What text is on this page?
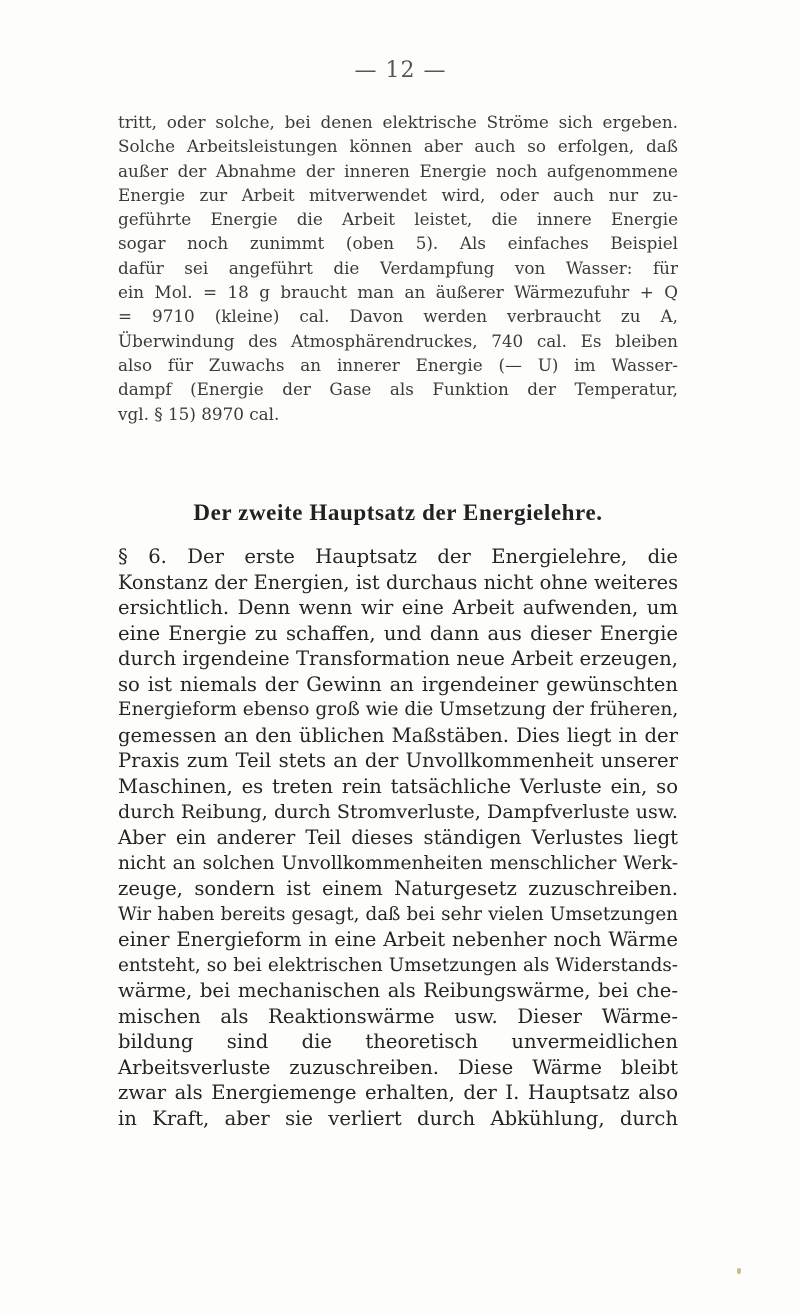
— 12 —
tritt, oder solche, bei denen elektrische Ströme sich ergeben.
Solche Arbeitsleistungen können aber auch so erfolgen, daß
außer der Abnahme der inneren Energie noch aufgenommene
Energie zur Arbeit mitverwendet wird, oder auch nur zu-
geführte Energie die Arbeit leistet, die innere Energie
sogar noch zunimmt (oben 5). Als einfaches Beispiel
dafür sei angeführt die Verdampfung von Wasser: für
ein Mol. = 18 g braucht man an äußerer Wärmezufuhr + Q
= 9710 (kleine) cal. Davon werden verbraucht zu A,
Überwindung des Atmosphärendruckes, 740 cal. Es bleiben
also für Zuwachs an innerer Energie (— U) im Wasser-
dampf (Energie der Gase als Funktion der Temperatur,
vgl. § 15) 8970 cal.
Der zweite Hauptsatz der Energielehre.
§ 6. Der erste Hauptsatz der Energielehre, die
Konstanz der Energien, ist durchaus nicht ohne weiteres
ersichtlich. Denn wenn wir eine Arbeit aufwenden, um
eine Energie zu schaffen, und dann aus dieser Energie
durch irgendeine Transformation neue Arbeit erzeugen,
so ist niemals der Gewinn an irgendeiner gewünschten
Energieform ebenso groß wie die Umsetzung der früheren,
gemessen an den üblichen Maßstäben. Dies liegt in der
Praxis zum Teil stets an der Unvollkommenheit unserer
Maschinen, es treten rein tatsächliche Verluste ein, so
durch Reibung, durch Stromverluste, Dampfverluste usw.
Aber ein anderer Teil dieses ständigen Verlustes liegt
nicht an solchen Unvollkommenheiten menschlicher Werk-
zeuge, sondern ist einem Naturgesetz zuzuschreiben.
Wir haben bereits gesagt, daß bei sehr vielen Umsetzungen
einer Energieform in eine Arbeit nebenher noch Wärme
entsteht, so bei elektrischen Umsetzungen als Widerstands-
wärme, bei mechanischen als Reibungswärme, bei che-
mischen als Reaktionswärme usw. Dieser Wärme-
bildung sind die theoretisch unvermeidlichen
Arbeitsverluste zuzuschreiben. Diese Wärme bleibt
zwar als Energiemenge erhalten, der I. Hauptsatz also
in Kraft, aber sie verliert durch Abkühlung, durch
